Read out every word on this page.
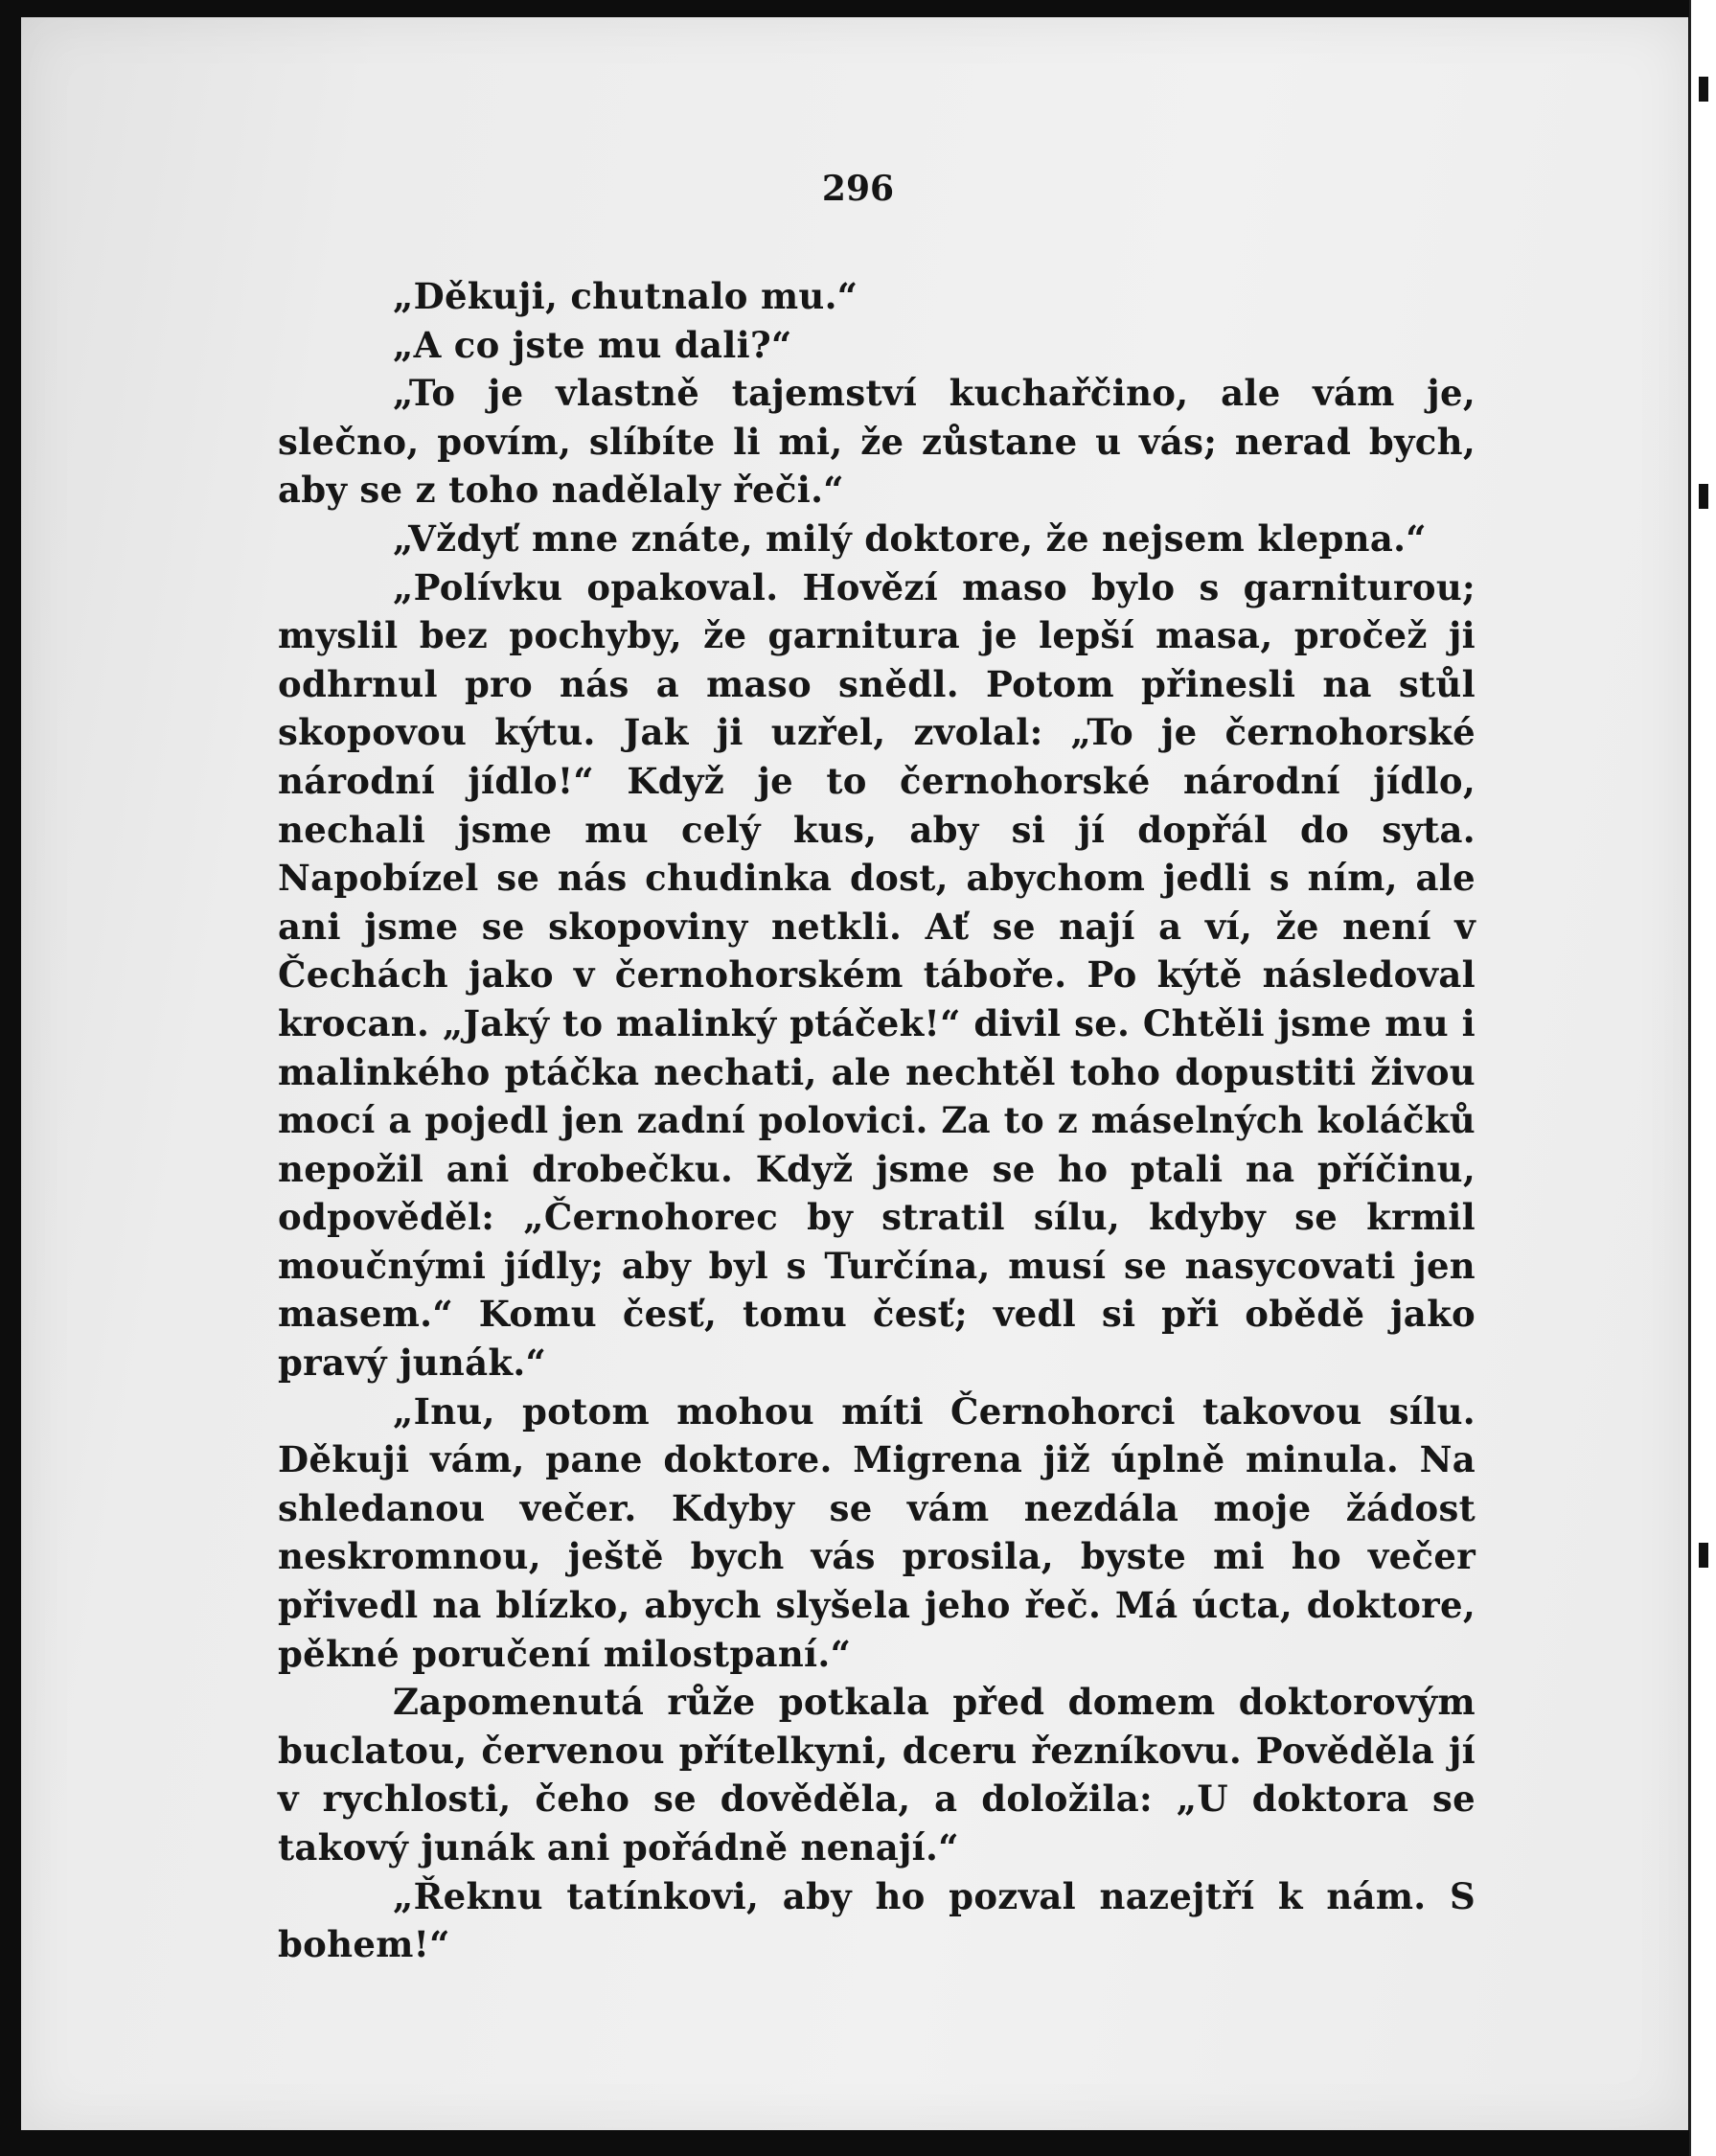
296

„Děkuji, chutnalo mu.“

„A co jste mu dali?“

„To je vlastně tajemství kuchařčino, ale vám je, slečno, povím, slíbíte li mi, že zůstane u vás; nerad bych, aby se z toho nadělaly řeči.“

„Vždyť mne znáte, milý doktore, že nejsem klepna.“

„Polívku opakoval. Hovězí maso bylo s garniturou; myslil bez pochyby, že garnitura je lepší masa, pročež ji odhrnul pro nás a maso snědl. Potom přinesli na stůl skopovou kýtu. Jak ji uzřel, zvolal: „To je černohorské národní jídlo!“ Když je to černohorské národní jídlo, nechali jsme mu celý kus, aby si jí dopřál do syta. Napobízel se nás chudinka dost, abychom jedli s ním, ale ani jsme se skopoviny netkli. Ať se nají a ví, že není v Čechách jako v černohorském táboře. Po kýtě následoval krocan. „Jaký to malinký ptáček!“ divil se. Chtěli jsme mu i malinkého ptáčka nechati, ale nechtěl toho dopustiti živou mocí a pojedl jen zadní polovici. Za to z máselných koláčků nepožil ani drobečku. Když jsme se ho ptali na příčinu, odpověděl: „Černohorec by stratil sílu, kdyby se krmil moučnými jídly; aby byl s Turčína, musí se nasycovati jen masem.“ Komu česť, tomu česť; vedl si při obědě jako pravý junák.“

„Inu, potom mohou míti Černohorci takovou sílu. Děkuji vám, pane doktore. Migrena již úplně minula. Na shledanou večer. Kdyby se vám nezdála moje žádost neskromnou, ještě bych vás prosila, byste mi ho večer přivedl na blízko, abych slyšela jeho řeč. Má úcta, doktore, pěkné poručení milostpaní.“

Zapomenutá růže potkala před domem doktorovým buclatou, červenou přítelkyni, dceru řezníkovu. Pověděla jí v rychlosti, čeho se dověděla, a doložila: „U doktora se takový junák ani pořádně nenají.“

„Řeknu tatínkovi, aby ho pozval nazejtří k nám. S bohem!“
